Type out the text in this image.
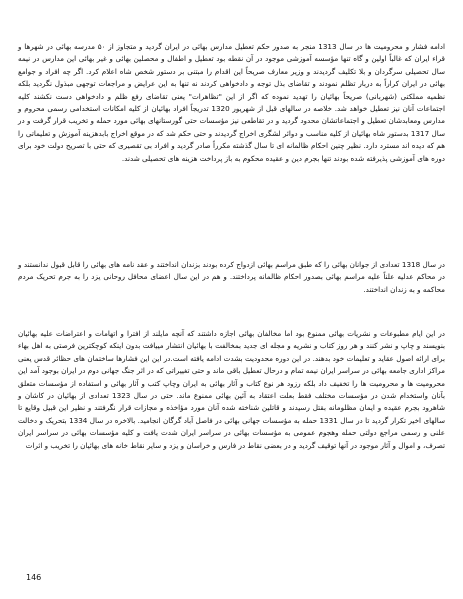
ادامه فشار و محرومیت ها در سال 1313 منجر به صدور حکم تعطیل مدارس بهائی در ایران گردید و متجاوز از ۵۰ مدرسه بهائی در شهرها و قراء ایران که غالباً اولین و گاه تنها مؤسسه آموزشی موجود در آن نقطه بود تعطیل و اطفال و محصلین بهائی و غیر بهائی این مدارس در نیمه سال تحصیلی سرگردان و بلا تکلیف گردیدند و وزیر معارف صریحاً این اقدام را مبتنی بر دستور شخص شاه اعلام کرد. اگر چه افراد و جوامع بهائی در ایران کراراً به دربار تظلم نمودند و تقاضای بذل توجه و دادخواهی کردند نه تنها به این عرایض و مراجعات توجهی مبذول نگردید بلکه نظمیه مملکتی (شهربانی) صریحاً بهائیان را تهدید نموده که اگر از این "تظاهرات" یعنی تقاضای رفع ظلم و دادخواهی دست نکشند کلیه اجتماعات آنان نیز تعطیل خواهد شد. خلاصه در سالهای قبل از شهریور 1320 تدریجاً افراد بهائیان از کلیه امکانات استخدامی رسمی محروم و مدارس ومعابدشان تعطیل و اجتماعاتشان محدود گردید و در تقاطعی نیز مؤسسات حتی گورستانهای بهائی مورد حمله و تخریب قرار گرفت و در سال 1317 بدستور شاه بهائیان از کلیه مناسب و دوائر لشگری اخراج گردیدند و حتی حکم شد که در موقع اخراج بابدهزینه آموزش و تعلیماتی را هم که دیده اند مسترد دارد. نظیر چنین احکام ظالمانه ای تا سال گذشته مکرراً صادر گردید و افراد بی تقصیری که حتی با تصریح دولت خود برای دوره های آموزشی پذیرفته شده بودند تنها بجرم دین و عقیده محکوم به باز پرداخت هزینه های تحصیلی شدند.

در سال 1318 تعدادی از جوانان بهائی را که طبق مراسم بهائی ازدواج کرده بودند بزندان انداختند و عقد نامه های بهائی را قابل قبول ندانستند و در محاکم عدلیه علناً علیه مراسم بهائی بصدور احکام ظالمانه پرداختند. و هم در این سال اعضای محافل روحانی یزد را به جرم تحریک مردم محاکمه و به زندان انداختند.

در این ایام مطبوعات و نشریات بهائی ممنوع بود اما مخالفان بهائی اجازه داشتند که آنچه مایلند از افترا و اتهامات و اعتراضات علیه بهائیان بنویسند و چاپ و نشر کنند و هر روز کتاب و نشریه و مجله ای جدید بمخالفت با بهائیان انتشار مییافت بدون اینکه کوچکترین فرصتی به اهل بهاء برای ارائه اصول عقاید و تعلیمات خود بدهند. در این دوره محدودیت بشدت ادامه یافته است.در این این فشارها ساختمان های حظائر قدس یعنی مراکز اداری جامعه بهائی در سراسر ایران نیمه تمام و درحال تعطیل باقی ماند و حتی تغییراتی که در اثر جنگ جهانی دوم در ایران بوجود آمد این محرومیت ها و محرومیت ها را تخفیف داد بلکه رزود هر نوع کتاب و آثار بهائی به ایران وچاپ کتب و آثار بهائی و استفاده از مؤسسات متعلق بآنان واستخدام شدن در مؤسسات مختلف فقط بعلت اعتقاد به آئین بهائی ممنوع ماند. حتی در سال 1323 تعدادی از بهائیان در کاشان و شاهرود بجرم عقیده و ایمان مظلومانه بقتل رسیدند و قاتلین شناخته شده آنان مورد مؤاخذه و مجازات قرار نگرفتند و نظیر این قبیل وقایع تا سالهای اخیر تکرار گردید تا در سال 1331 حمله به مؤسسات جهانی بهائی در فاصل آباد گرگان انجامید. بالاخره در سال 1334 بتحریک و دخالت علنی و رسمی مراجع دولتی حمله وهجوم عمومی به مؤسسات بهائی در سراسر ایران شدت یافت و کلیه مؤسسات بهائی در سراسر ایران تصرف، و اموال و آثار موجود در آنها توقیف گردید و در بعضی نقاط در فارس و خراسان و یزد و سایر نقاط خانه های بهائیان را تخریب و اثرات

146
